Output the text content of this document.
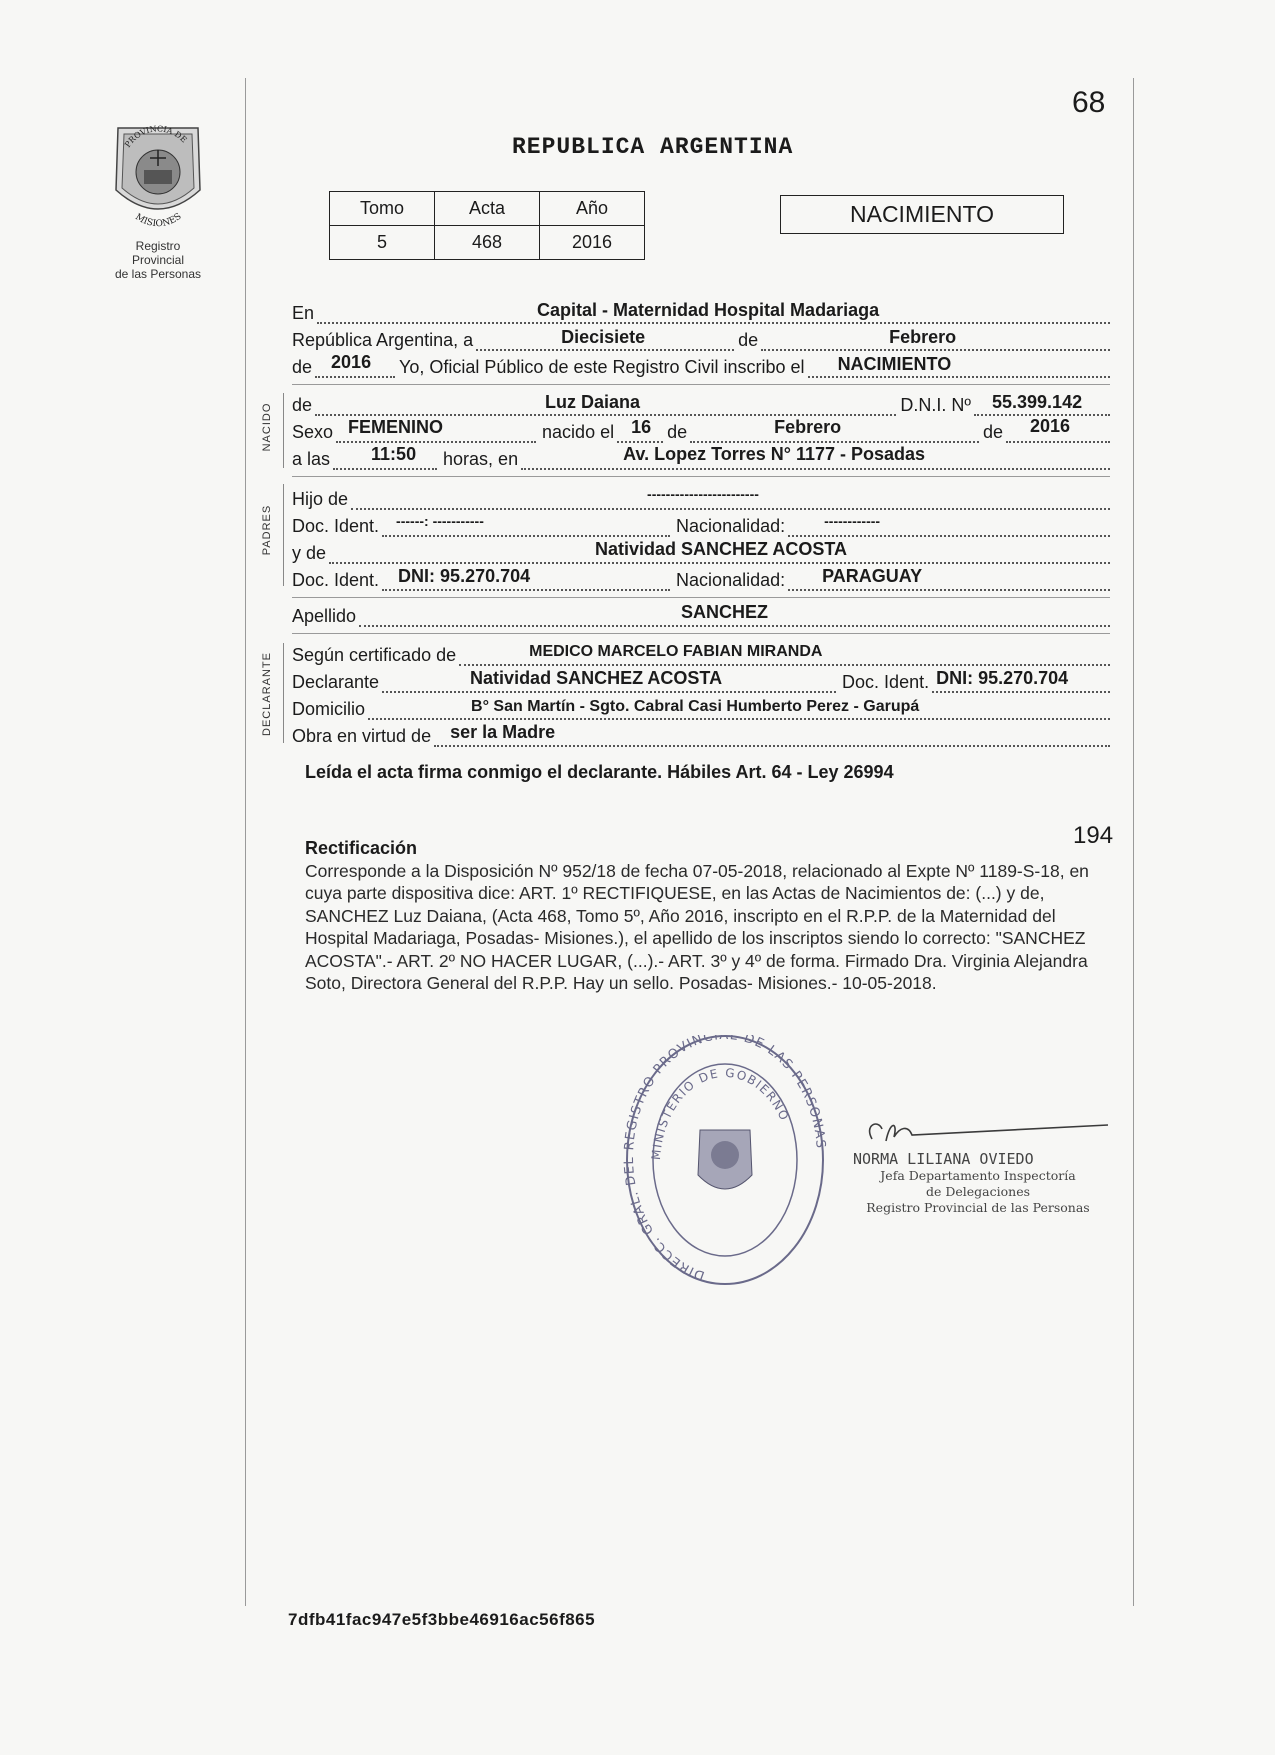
PROVINCIA DE
MISIONES
Registro Provincial
de las Personas
68
REPUBLICA ARGENTINA
Tomo	Acta	Año
5	468	2016
NACIMIENTO
En	Capital - Maternidad Hospital Madariaga
República Argentina, a	Diecisiete	de	Febrero
de 2016 Yo, Oficial Público de este Registro Civil inscribo el NACIMIENTO
NACIDO de	Luz Daiana	D.N.I. Nº 55.399.142
Sexo FEMENINO	nacido el 16 de	Febrero	de 2016
a las 11:50	horas, en	Av. Lopez Torres N° 1177 - Posadas
PADRES
Hijo de	------------------------
Doc. Ident. ------: -----------	Nacionalidad:	------------
y de	Natividad SANCHEZ ACOSTA
Doc. Ident. DNI: 95.270.704	Nacionalidad: PARAGUAY
Apellido	SANCHEZ
DECLARANTE Según certificado de	MEDICO MARCELO FABIAN MIRANDA
Declarante	Natividad SANCHEZ ACOSTA	Doc. Ident. DNI: 95.270.704
Domicilio	B° San Martín - Sgto. Cabral Casi Humberto Perez - Garupá
Obra en virtud de ser la Madre
Leída el acta firma conmigo el declarante. Hábiles Art. 64 - Ley 26994
194
Rectificación
Corresponde a la Disposición Nº 952/18 de fecha 07-05-2018, relacionado al Expte Nº 1189-S-18, en cuya parte dispositiva dice: ART. 1º RECTIFIQUESE, en las Actas de Nacimientos de: (...) y de, SANCHEZ Luz Daiana, (Acta 468, Tomo 5º, Año 2016, inscripto en el R.P.P. de la Maternidad del Hospital Madariaga, Posadas- Misiones.), el apellido de los inscriptos siendo lo correcto: "SANCHEZ ACOSTA".- ART. 2º NO HACER LUGAR, (...).- ART. 3º y 4º de forma. Firmado Dra. Virginia Alejandra Soto, Directora General del R.P.P. Hay un sello. Posadas- Misiones.- 10-05-2018.
DIRECC. GRAL. DEL REGISTRO PROVINCIAL DE LAS PERSONAS
MINISTERIO DE GOBIERNO
NORMA LILIANA OVIEDO
Jefa Departamento Inspectoría
de Delegaciones
Registro Provincial de las Personas
7dfb41fac947e5f3bbe46916ac56f865
